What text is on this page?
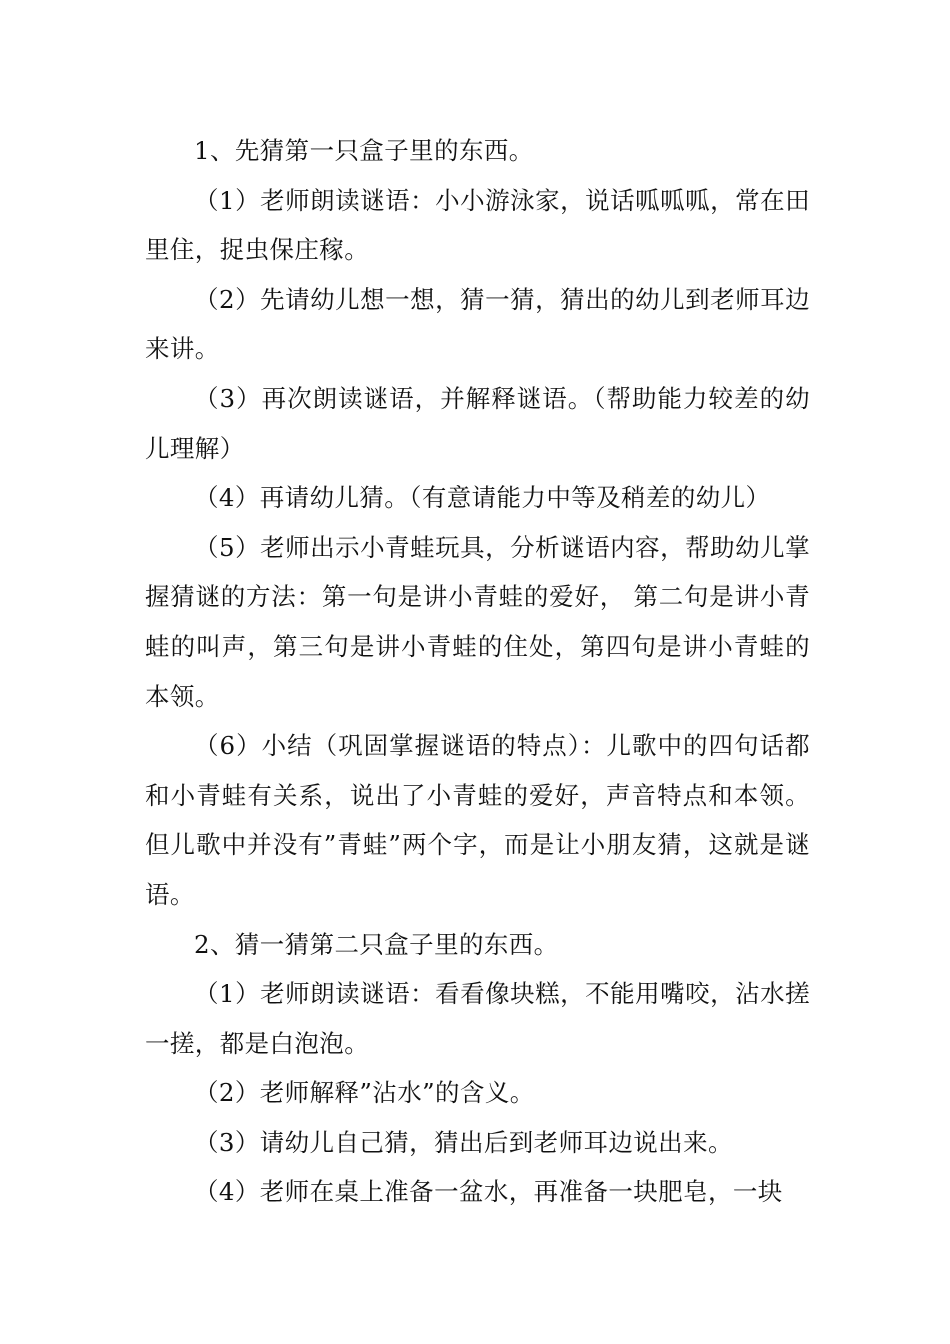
1、先猜第一只盒子里的东西。

（1）老师朗读谜语：小小游泳家，说话呱呱呱，常在田里住，捉虫保庄稼。

（2）先请幼儿想一想，猜一猜，猜出的幼儿到老师耳边来讲。

（3）再次朗读谜语，并解释谜语。（帮助能力较差的幼儿理解）

（4）再请幼儿猜。（有意请能力中等及稍差的幼儿）

（5）老师出示小青蛙玩具，分析谜语内容，帮助幼儿掌握猜谜的方法：第一句是讲小青蛙的爱好， 第二句是讲小青蛙的叫声，第三句是讲小青蛙的住处，第四句是讲小青蛙的本领。

（6）小结（巩固掌握谜语的特点）：儿歌中的四句话都和小青蛙有关系，说出了小青蛙的爱好，声音特点和本领。但儿歌中并没有”青蛙”两个字，而是让小朋友猜，这就是谜语。

2、猜一猜第二只盒子里的东西。

（1）老师朗读谜语：看看像块糕，不能用嘴咬，沾水搓一搓，都是白泡泡。

（2）老师解释”沾水”的含义。

（3）请幼儿自己猜，猜出后到老师耳边说出来。

（4）老师在桌上准备一盆水，再准备一块肥皂，一块
